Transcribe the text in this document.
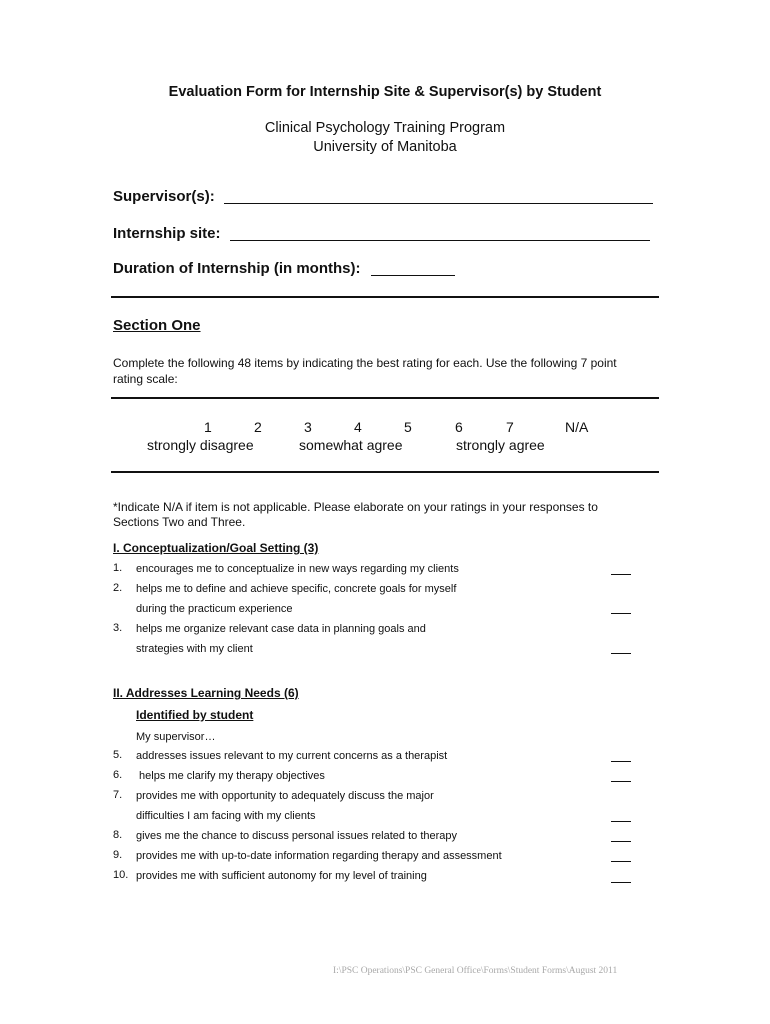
Evaluation Form for Internship Site & Supervisor(s) by Student
Clinical Psychology Training Program
University of Manitoba
Supervisor(s):
Internship site:
Duration of Internship (in months):
Section One
Complete the following 48 items by indicating the best rating for each. Use the following 7 point
rating scale:
1	2	3	4	5	6	7	N/A
strongly disagree	somewhat agree	strongly agree
*Indicate N/A if item is not applicable. Please elaborate on your ratings in your responses to
Sections Two and Three.
I. Conceptualization/Goal Setting (3)
1. encourages me to conceptualize in new ways regarding my clients
2. helps me to define and achieve specific, concrete goals for myself
during the practicum experience
3. helps me organize relevant case data in planning goals and
strategies with my client
II. Addresses Learning Needs (6)
Identified by student
My supervisor…
5. addresses issues relevant to my current concerns as a therapist
6. helps me clarify my therapy objectives
7. provides me with opportunity to adequately discuss the major
difficulties I am facing with my clients
8. gives me the chance to discuss personal issues related to therapy
9. provides me with up-to-date information regarding therapy and assessment
10. provides me with sufficient autonomy for my level of training
I:\PSC Operations\PSC General Office\Forms\Student Forms\August 2011
